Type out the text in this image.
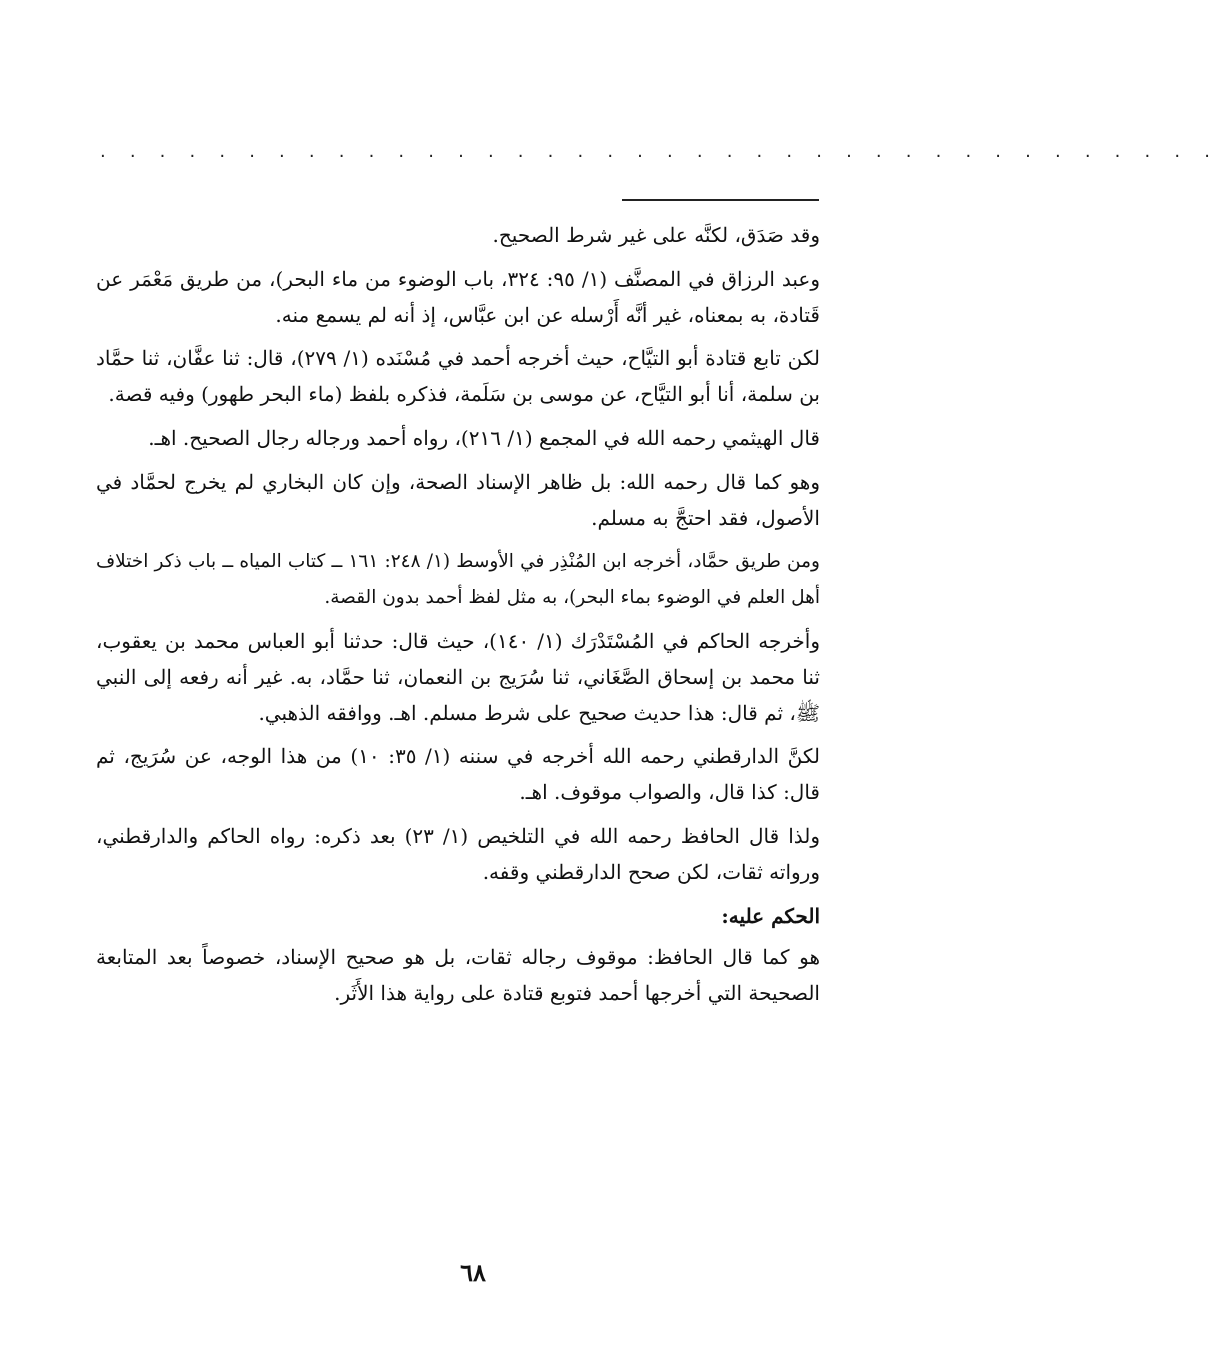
· · · · · · · · · · · · · · · · · · · · · · · · · · · · · · · · · · · · · ·

وقد صَدَق، لكنَّه على غير شرط الصحيح.

وعبد الرزاق في المصنَّف (١/ ٩٥: ٣٢٤، باب الوضوء من ماء البحر)، من طريق مَعْمَر عن قَتادة، به بمعناه، غير أنَّه أَرْسله عن ابن عبَّاس، إذ أنه لم يسمع منه.

لكن تابع قتادة أبو التيَّاح، حيث أخرجه أحمد في مُسْنَده (١/ ٢٧٩)، قال: ثنا عفَّان، ثنا حمَّاد بن سلمة، أنا أبو التيَّاح، عن موسى بن سَلَمة، فذكره بلفظ (ماء البحر طهور) وفيه قصة.

قال الهيثمي رحمه الله في المجمع (١/ ٢١٦)، رواه أحمد ورجاله رجال الصحيح. اهـ.

وهو كما قال رحمه الله: بل ظاهر الإسناد الصحة، وإن كان البخاري لم يخرج لحمَّاد في الأصول، فقد احتجَّ به مسلم.

ومن طريق حمَّاد، أخرجه ابن المُنْذِر في الأوسط (١/ ٢٤٨: ١٦١ ــ كتاب المياه ــ باب ذكر اختلاف أهل العلم في الوضوء بماء البحر)، به مثل لفظ أحمد بدون القصة.

وأخرجه الحاكم في المُسْتَدْرَك (١/ ١٤٠)، حيث قال: حدثنا أبو العباس محمد بن يعقوب، ثنا محمد بن إسحاق الصَّغَاني، ثنا سُرَيج بن النعمان، ثنا حمَّاد، به. غير أنه رفعه إلى النبي ﷺ، ثم قال: هذا حديث صحيح على شرط مسلم. اهـ. ووافقه الذهبي.

لكنَّ الدارقطني رحمه الله أخرجه في سننه (١/ ٣٥: ١٠) من هذا الوجه، عن سُرَيج، ثم قال: كذا قال، والصواب موقوف. اهـ.

ولذا قال الحافظ رحمه الله في التلخيص (١/ ٢٣) بعد ذكره: رواه الحاكم والدارقطني، ورواته ثقات، لكن صحح الدارقطني وقفه.

الحكم عليه:

هو كما قال الحافظ: موقوف رجاله ثقات، بل هو صحيح الإسناد، خصوصاً بعد المتابعة الصحيحة التي أخرجها أحمد فتوبع قتادة على رواية هذا الأَثَر.

٦٨
